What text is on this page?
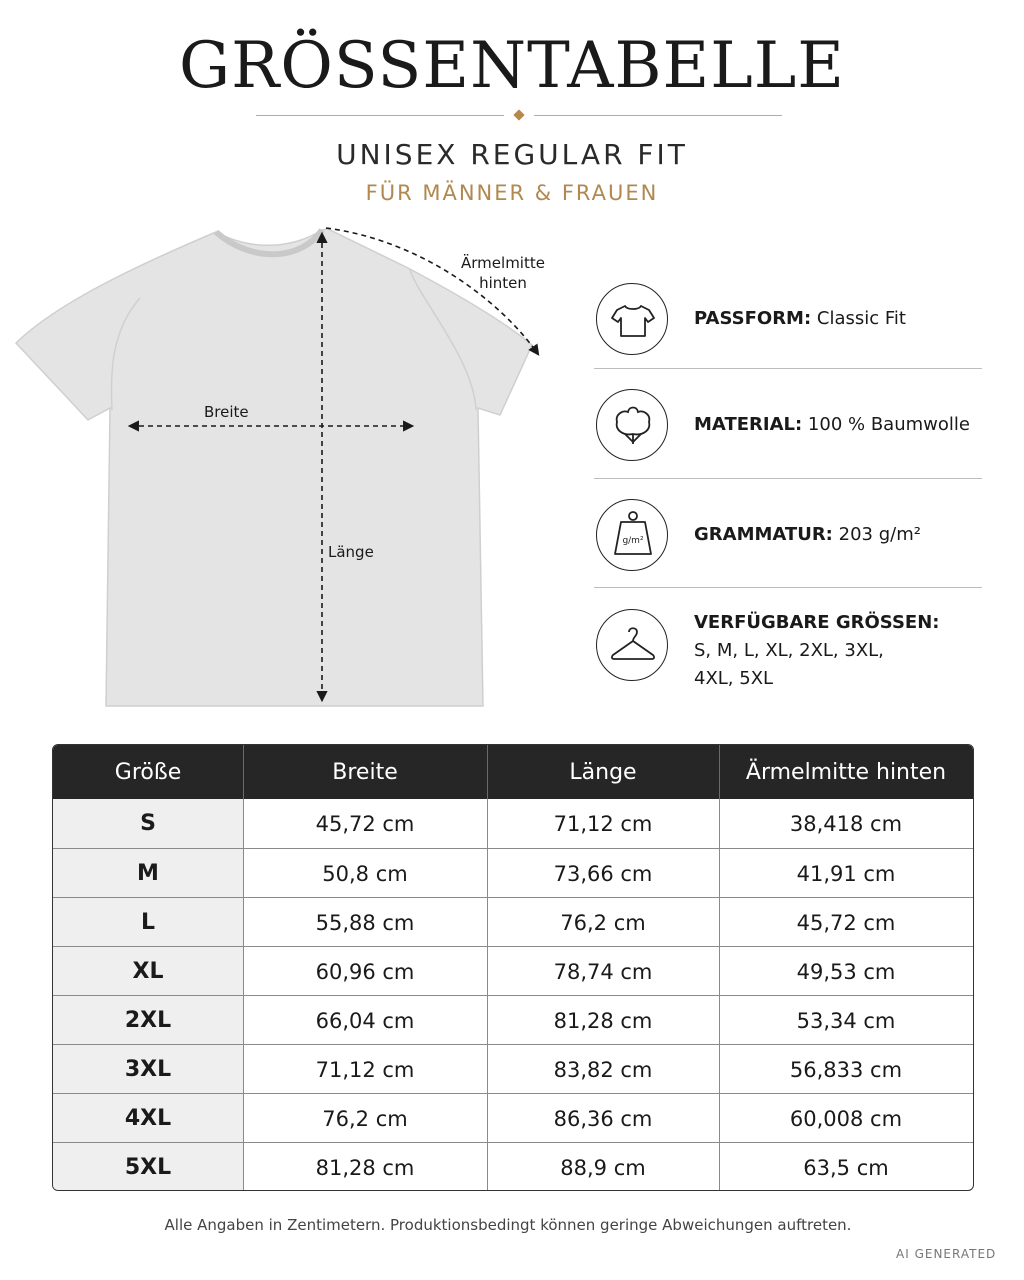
GRÖSSENTABELLE
UNISEX REGULAR FIT
FÜR MÄNNER & FRAUEN
Breite
Länge
Ärmelmitte
hinten
PASSFORM: Classic Fit
MATERIAL: 100 % Baumwolle
g/m²	GRAMMATUR: 203 g/m²
VERFÜGBARE GRÖSSEN:
S, M, L, XL, 2XL, 3XL,
4XL, 5XL
Größe	Breite	Länge	Ärmelmitte hinten
S	45,72 cm	71,12 cm	38,418 cm
M	50,8 cm	73,66 cm	41,91 cm
L	55,88 cm	76,2 cm	45,72 cm
XL	60,96 cm	78,74 cm	49,53 cm
2XL	66,04 cm	81,28 cm	53,34 cm
3XL	71,12 cm	83,82 cm	56,833 cm
4XL	76,2 cm	86,36 cm	60,008 cm
5XL	81,28 cm	88,9 cm	63,5 cm
Alle Angaben in Zentimetern. Produktionsbedingt können geringe Abweichungen auftreten.
AI GENERATED
